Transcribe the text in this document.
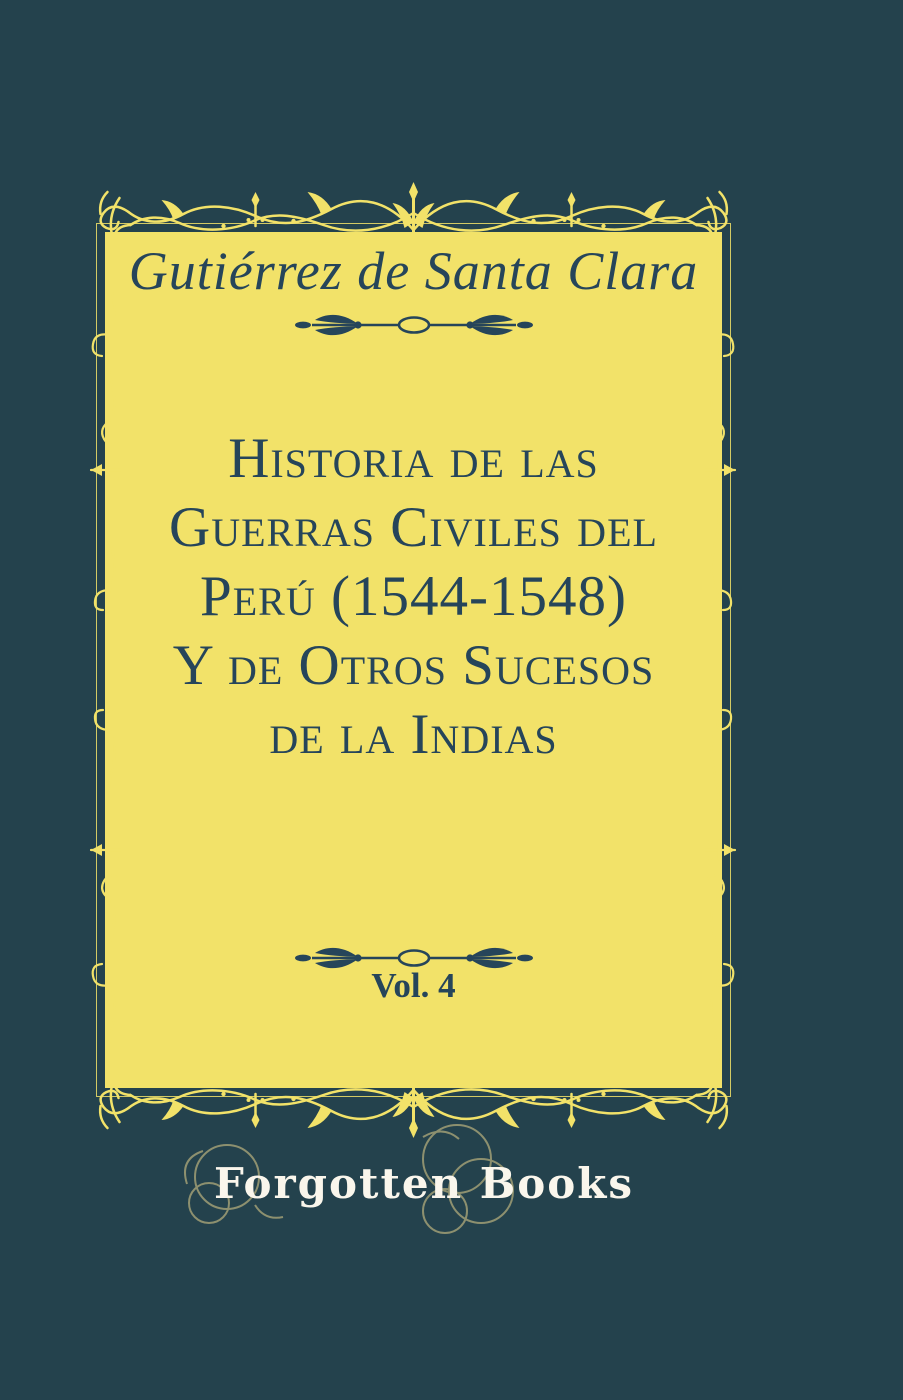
Gutiérrez de Santa Clara
Historia de las
Guerras Civiles del
Perú (1544-1548)
Y de Otros Sucesos
de la Indias
Vol. 4
Forgotten Books
